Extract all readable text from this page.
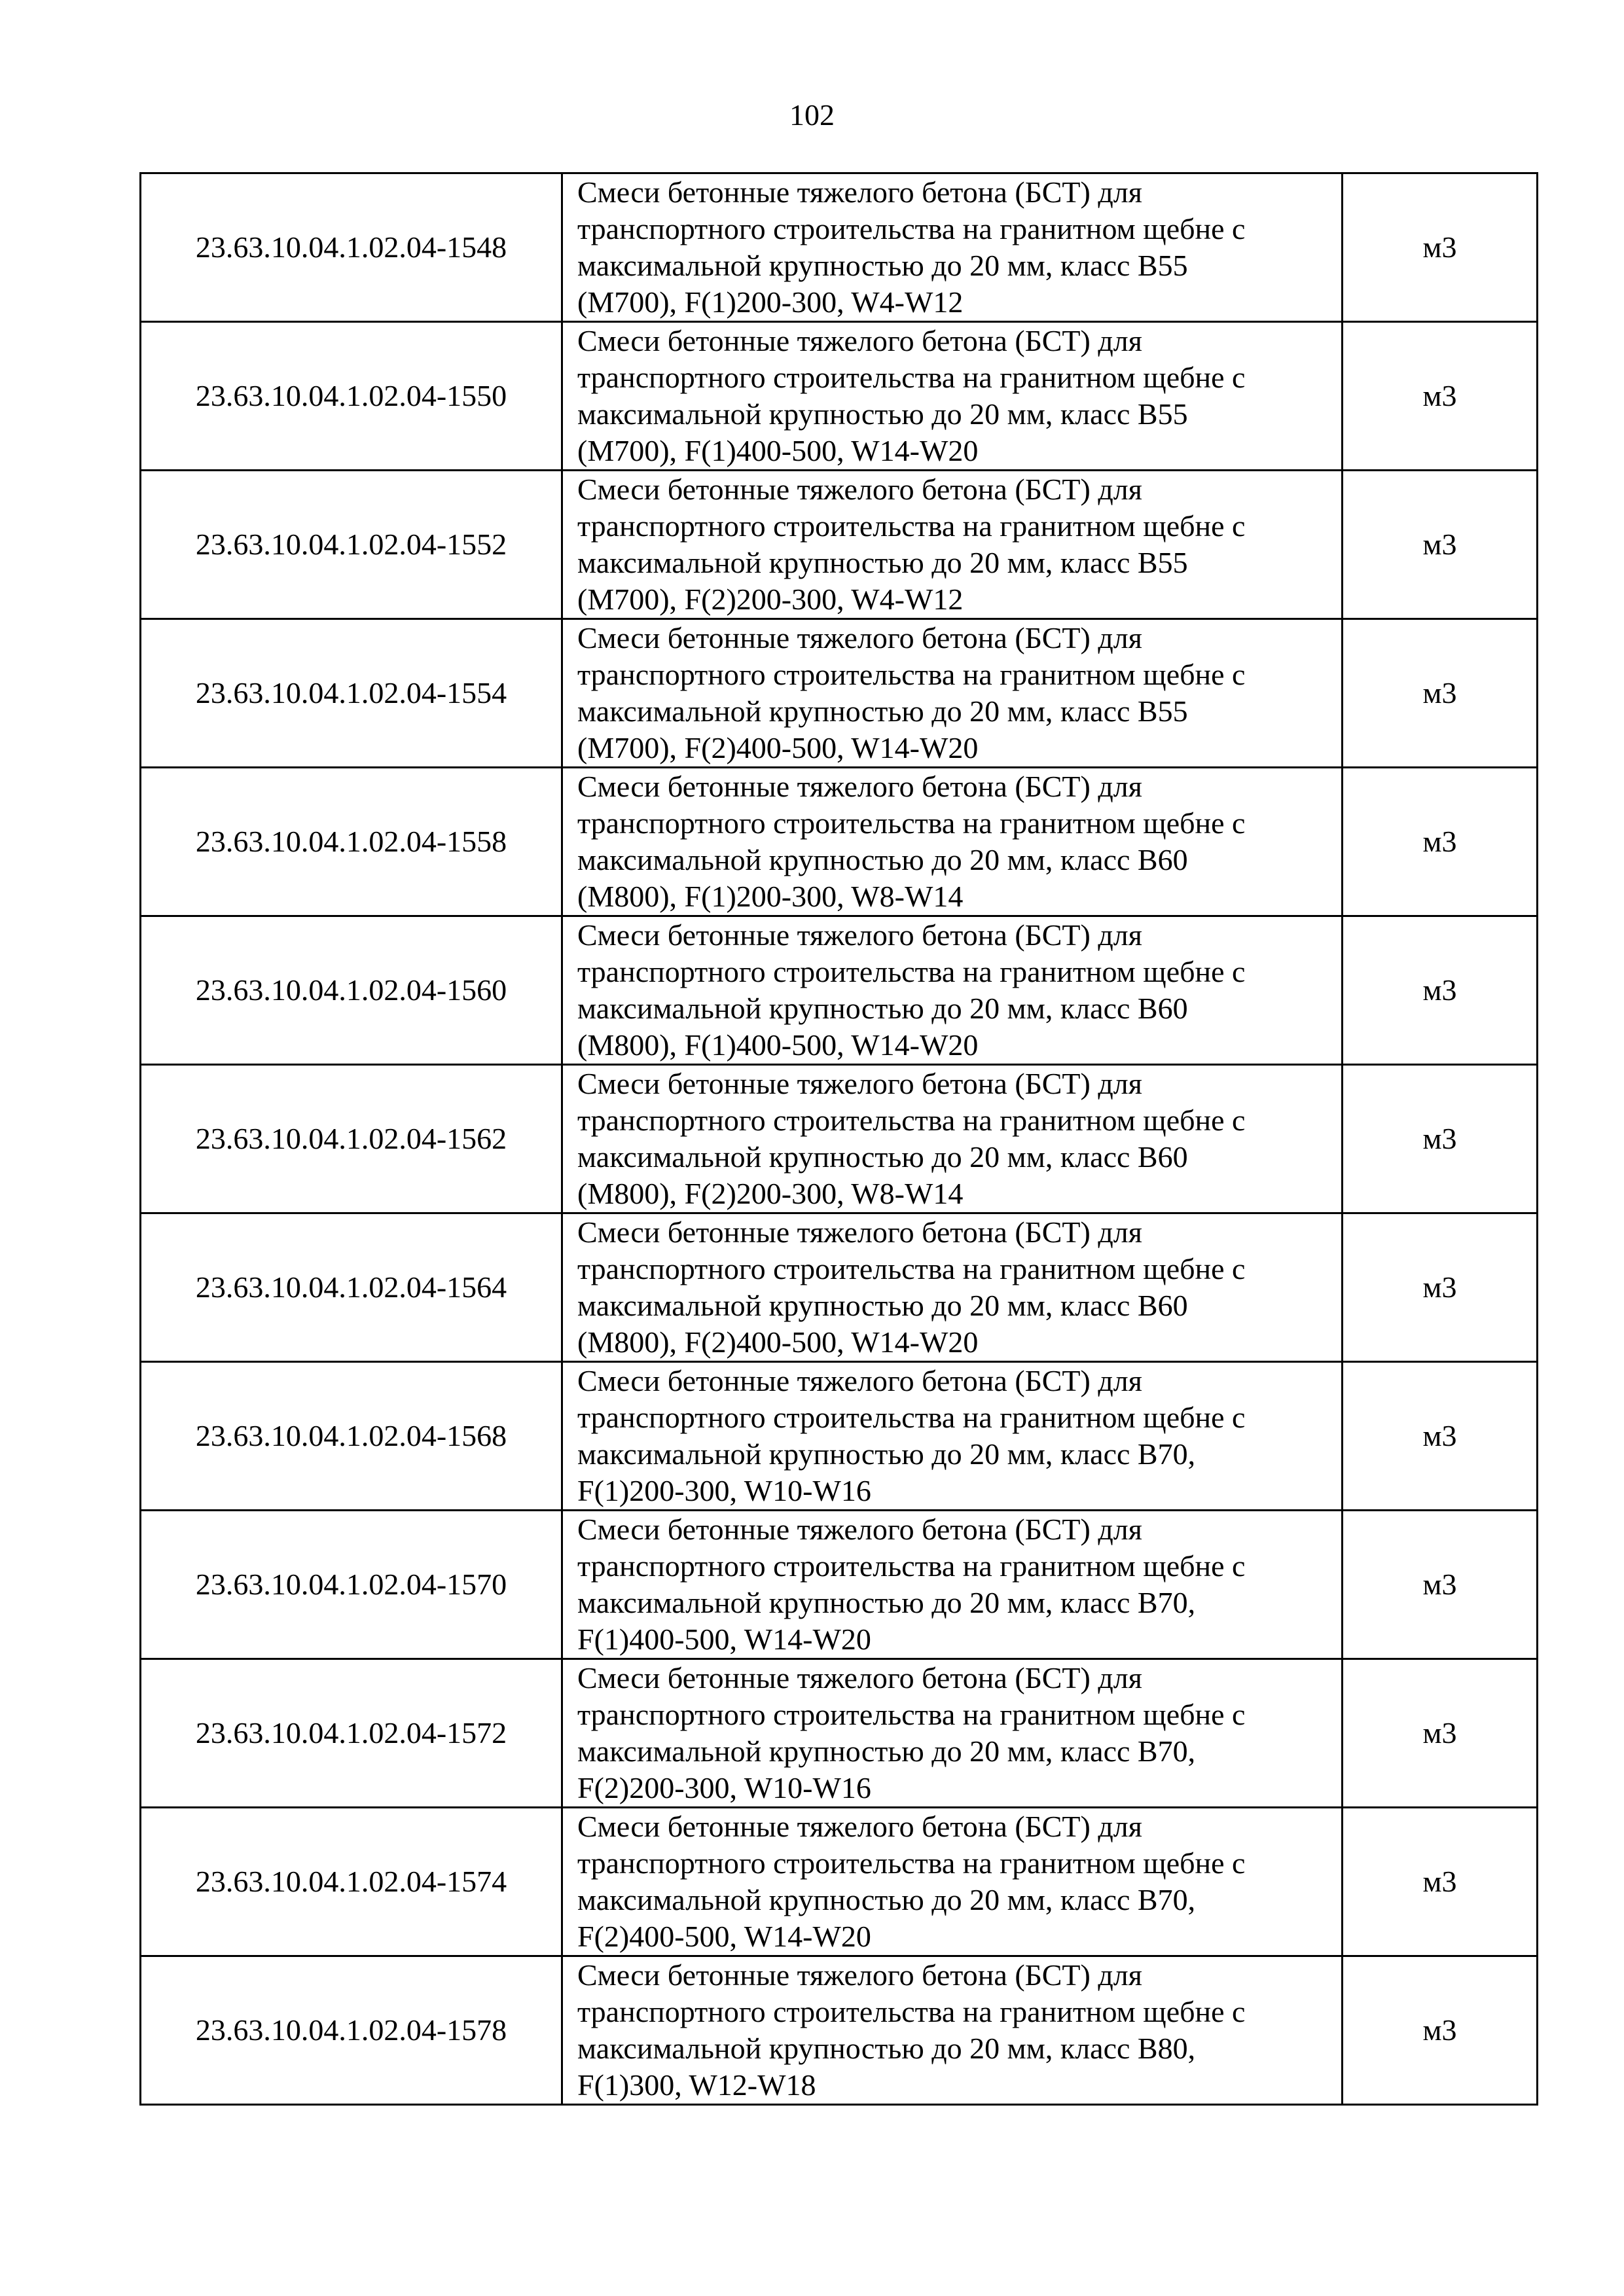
102
23.63.10.04.1.02.04-1548	Смеси бетонные тяжелого бетона (БСТ) для
транспортного строительства на гранитном щебне с
максимальной крупностью до 20 мм, класс В55
(М700), F(1)200-300, W4-W12	м3
23.63.10.04.1.02.04-1550	Смеси бетонные тяжелого бетона (БСТ) для
транспортного строительства на гранитном щебне с
максимальной крупностью до 20 мм, класс В55
(М700), F(1)400-500, W14-W20	м3
23.63.10.04.1.02.04-1552	Смеси бетонные тяжелого бетона (БСТ) для
транспортного строительства на гранитном щебне с
максимальной крупностью до 20 мм, класс В55
(М700), F(2)200-300, W4-W12	м3
23.63.10.04.1.02.04-1554	Смеси бетонные тяжелого бетона (БСТ) для
транспортного строительства на гранитном щебне с
максимальной крупностью до 20 мм, класс В55
(М700), F(2)400-500, W14-W20	м3
23.63.10.04.1.02.04-1558	Смеси бетонные тяжелого бетона (БСТ) для
транспортного строительства на гранитном щебне с
максимальной крупностью до 20 мм, класс В60
(М800), F(1)200-300, W8-W14	м3
23.63.10.04.1.02.04-1560	Смеси бетонные тяжелого бетона (БСТ) для
транспортного строительства на гранитном щебне с
максимальной крупностью до 20 мм, класс В60
(М800), F(1)400-500, W14-W20	м3
23.63.10.04.1.02.04-1562	Смеси бетонные тяжелого бетона (БСТ) для
транспортного строительства на гранитном щебне с
максимальной крупностью до 20 мм, класс В60
(М800), F(2)200-300, W8-W14	м3
23.63.10.04.1.02.04-1564	Смеси бетонные тяжелого бетона (БСТ) для
транспортного строительства на гранитном щебне с
максимальной крупностью до 20 мм, класс В60
(М800), F(2)400-500, W14-W20	м3
23.63.10.04.1.02.04-1568	Смеси бетонные тяжелого бетона (БСТ) для
транспортного строительства на гранитном щебне с
максимальной крупностью до 20 мм, класс В70,
F(1)200-300, W10-W16	м3
23.63.10.04.1.02.04-1570	Смеси бетонные тяжелого бетона (БСТ) для
транспортного строительства на гранитном щебне с
максимальной крупностью до 20 мм, класс В70,
F(1)400-500, W14-W20	м3
23.63.10.04.1.02.04-1572	Смеси бетонные тяжелого бетона (БСТ) для
транспортного строительства на гранитном щебне с
максимальной крупностью до 20 мм, класс В70,
F(2)200-300, W10-W16	м3
23.63.10.04.1.02.04-1574	Смеси бетонные тяжелого бетона (БСТ) для
транспортного строительства на гранитном щебне с
максимальной крупностью до 20 мм, класс В70,
F(2)400-500, W14-W20	м3
23.63.10.04.1.02.04-1578	Смеси бетонные тяжелого бетона (БСТ) для
транспортного строительства на гранитном щебне с
максимальной крупностью до 20 мм, класс В80,
F(1)300, W12-W18	м3
